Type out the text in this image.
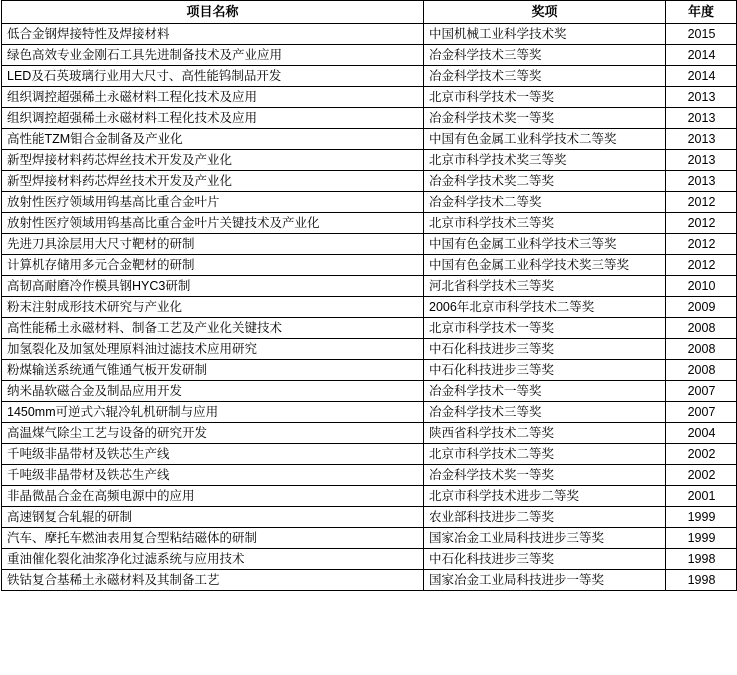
项目名称	奖项	年度
低合金钢焊接特性及焊接材料	中国机械工业科学技术奖	2015
绿色高效专业金刚石工具先进制备技术及产业应用	冶金科学技术三等奖	2014
LED及石英玻璃行业用大尺寸、高性能钨制品开发	冶金科学技术三等奖	2014
组织调控超强稀土永磁材料工程化技术及应用	北京市科学技术一等奖	2013
组织调控超强稀土永磁材料工程化技术及应用	冶金科学技术奖一等奖	2013
高性能TZM钼合金制备及产业化	中国有色金属工业科学技术二等奖	2013
新型焊接材料药芯焊丝技术开发及产业化	北京市科学技术奖三等奖	2013
新型焊接材料药芯焊丝技术开发及产业化	冶金科学技术奖二等奖	2013
放射性医疗领域用钨基高比重合金叶片	冶金科学技术二等奖	2012
放射性医疗领域用钨基高比重合金叶片关键技术及产业化	北京市科学技术三等奖	2012
先进刀具涂层用大尺寸靶材的研制	中国有色金属工业科学技术三等奖	2012
计算机存储用多元合金靶材的研制	中国有色金属工业科学技术奖三等奖	2012
高韧高耐磨冷作模具钢HYC3研制	河北省科学技术三等奖	2010
粉末注射成形技术研究与产业化	2006年北京市科学技术二等奖	2009
高性能稀土永磁材料、制备工艺及产业化关键技术	北京市科学技术一等奖	2008
加氢裂化及加氢处理原料油过滤技术应用研究	中石化科技进步三等奖	2008
粉煤输送系统通气锥通气板开发研制	中石化科技进步三等奖	2008
纳米晶软磁合金及制品应用开发	冶金科学技术一等奖	2007
1450mm可逆式六辊冷轧机研制与应用	冶金科学技术三等奖	2007
高温煤气除尘工艺与设备的研究开发	陕西省科学技术二等奖	2004
千吨级非晶带材及铁芯生产线	北京市科学技术二等奖	2002
千吨级非晶带材及铁芯生产线	冶金科学技术奖一等奖	2002
非晶微晶合金在高频电源中的应用	北京市科学技术进步二等奖	2001
高速钢复合轧辊的研制	农业部科技进步二等奖	1999
汽车、摩托车燃油表用复合型粘结磁体的研制	国家冶金工业局科技进步三等奖	1999
重油催化裂化油浆净化过滤系统与应用技术	中石化科技进步三等奖	1998
铁钴复合基稀土永磁材料及其制备工艺	国家冶金工业局科技进步一等奖	1998
